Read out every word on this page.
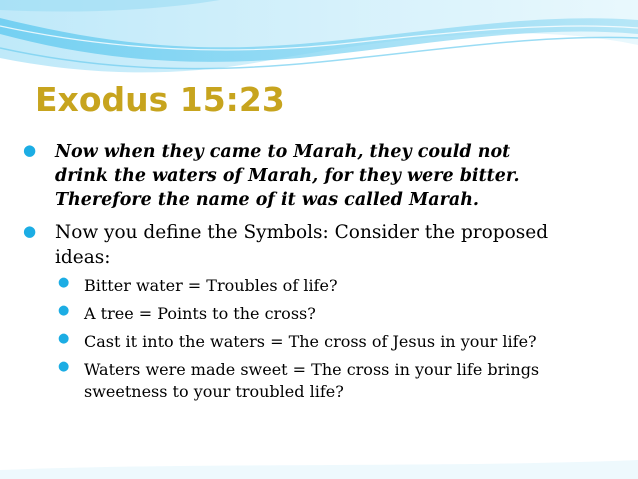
Exodus 15:23
● Now when they came to Marah, they could not
drink the waters of Marah, for they were bitter.
Therefore the name of it was called Marah.
● Now you define the Symbols: Consider the proposed
ideas:
● Bitter water = Troubles of life?
● A tree = Points to the cross?
● Cast it into the waters = The cross of Jesus in your life?
● Waters were made sweet = The cross in your life brings
sweetness to your troubled life?
